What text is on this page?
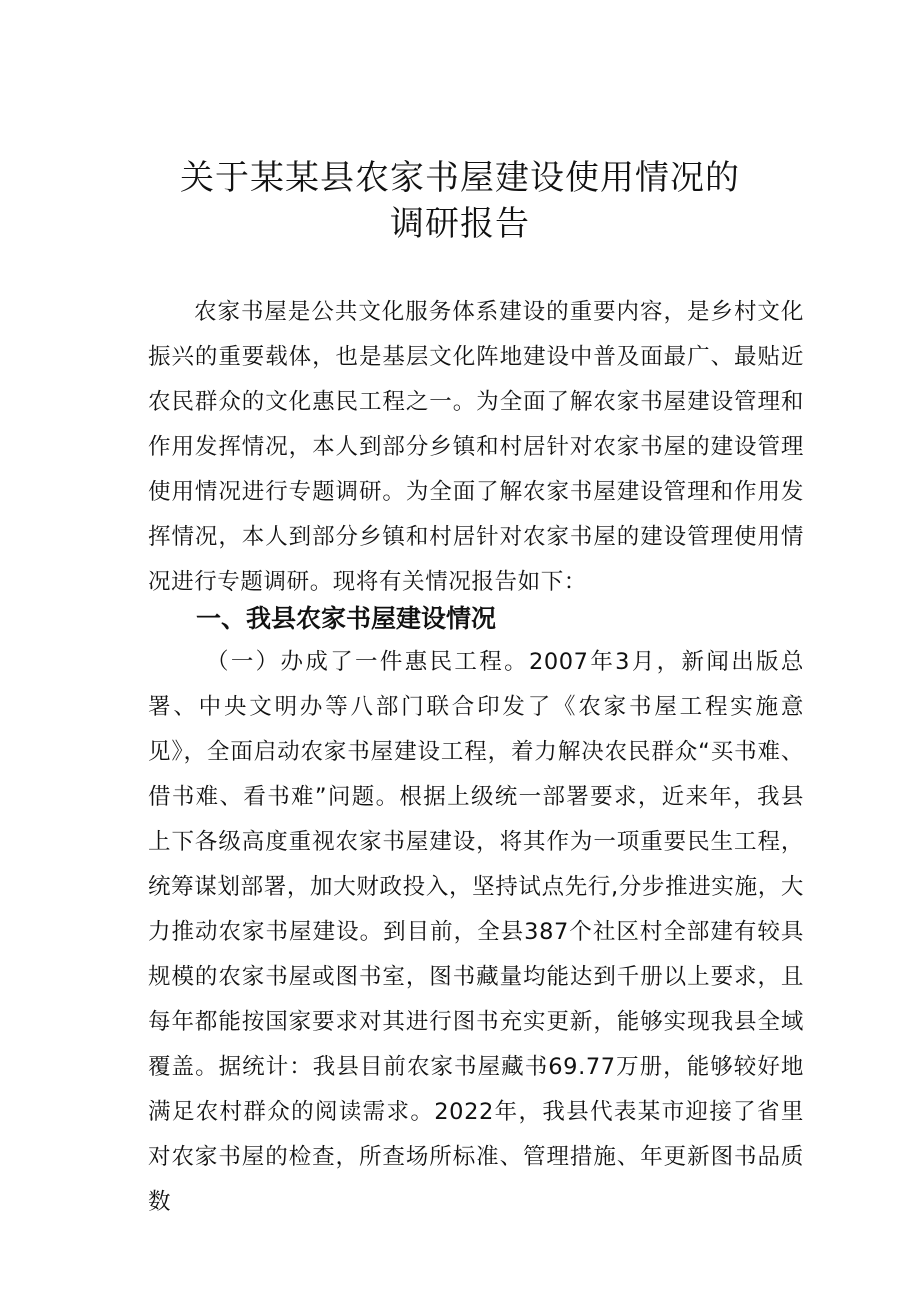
关于某某县农家书屋建设使用情况的
调研报告

农家书屋是公共文化服务体系建设的重要内容，是乡村文化振兴的重要载体，也是基层文化阵地建设中普及面最广、最贴近农民群众的文化惠民工程之一。为全面了解农家书屋建设管理和作用发挥情况，本人到部分乡镇和村居针对农家书屋的建设管理使用情况进行专题调研。为全面了解农家书屋建设管理和作用发挥情况，本人到部分乡镇和村居针对农家书屋的建设管理使用情况进行专题调研。现将有关情况报告如下：

一、我县农家书屋建设情况

（一）办成了一件惠民工程。2007年3月，新闻出版总署、中央文明办等八部门联合印发了《农家书屋工程实施意见》，全面启动农家书屋建设工程，着力解决农民群众“买书难、借书难、看书难”问题。根据上级统一部署要求，近来年，我县上下各级高度重视农家书屋建设，将其作为一项重要民生工程，统筹谋划部署，加大财政投入，坚持试点先行,分步推进实施，大力推动农家书屋建设。到目前，全县387个社区村全部建有较具规模的农家书屋或图书室，图书藏量均能达到千册以上要求，且每年都能按国家要求对其进行图书充实更新，能够实现我县全域覆盖。据统计：我县目前农家书屋藏书69.77万册，能够较好地满足农村群众的阅读需求。2022年，我县代表某市迎接了省里对农家书屋的检查，所查场所标准、管理措施、年更新图书品质数
